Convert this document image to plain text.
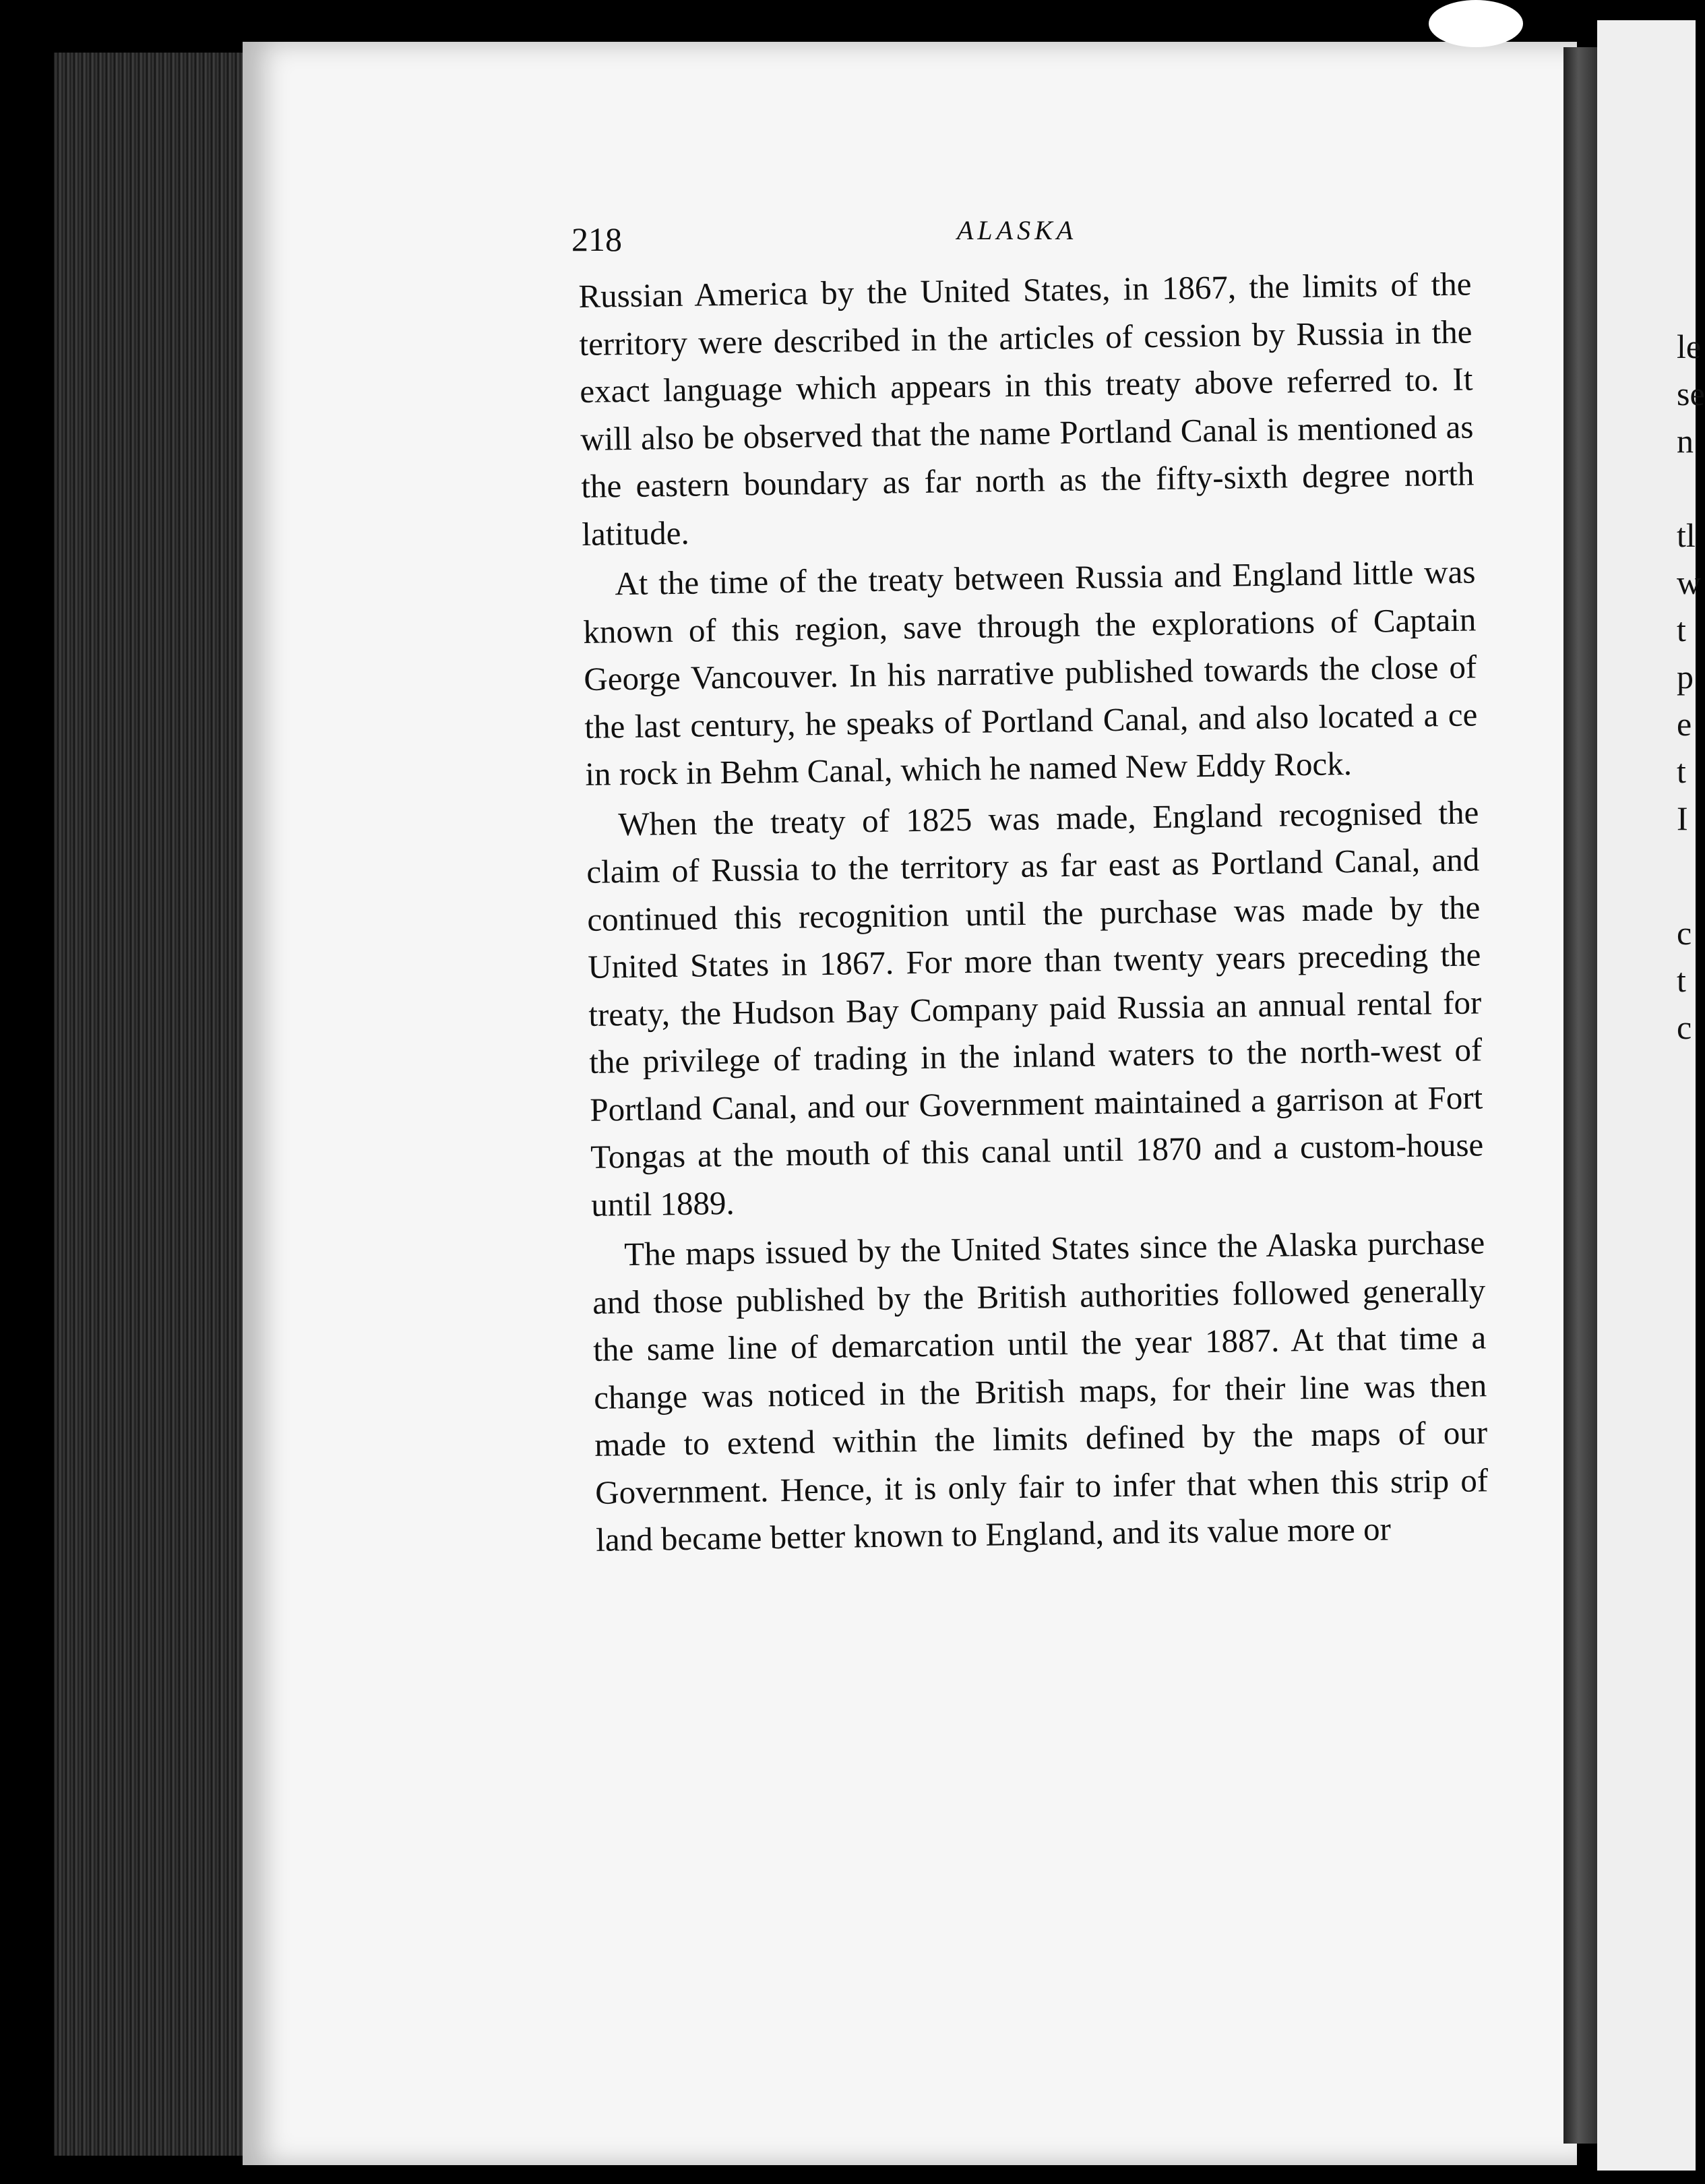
le
se
n
tl
w
t
p
e
t
I
c
t
c
218	ALASKA

Russian America by the United States, in 1867, the limits of the territory were described in the articles of cession by Russia in the exact language which appears in this treaty above referred to. It will also be observed that the name Portland Canal is mentioned as the eastern boundary as far north as the fifty-sixth degree north latitude.

At the time of the treaty between Russia and England little was known of this region, save through the explorations of Captain George Vancouver. In his narrative published towards the close of the last century, he speaks of Portland Canal, and also located a ce in rock in Behm Canal, which he named New Eddy Rock.

When the treaty of 1825 was made, England recognised the claim of Russia to the territory as far east as Portland Canal, and continued this recognition until the purchase was made by the United States in 1867. For more than twenty years preceding the treaty, the Hudson Bay Company paid Russia an annual rental for the privilege of trading in the inland waters to the north-west of Portland Canal, and our Government maintained a garrison at Fort Tongas at the mouth of this canal until 1870 and a custom-house until 1889.

The maps issued by the United States since the Alaska purchase and those published by the British authorities followed generally the same line of demarcation until the year 1887. At that time a change was noticed in the British maps, for their line was then made to extend within the limits defined by the maps of our Government. Hence, it is only fair to infer that when this strip of land became better known to England, and its value more or
